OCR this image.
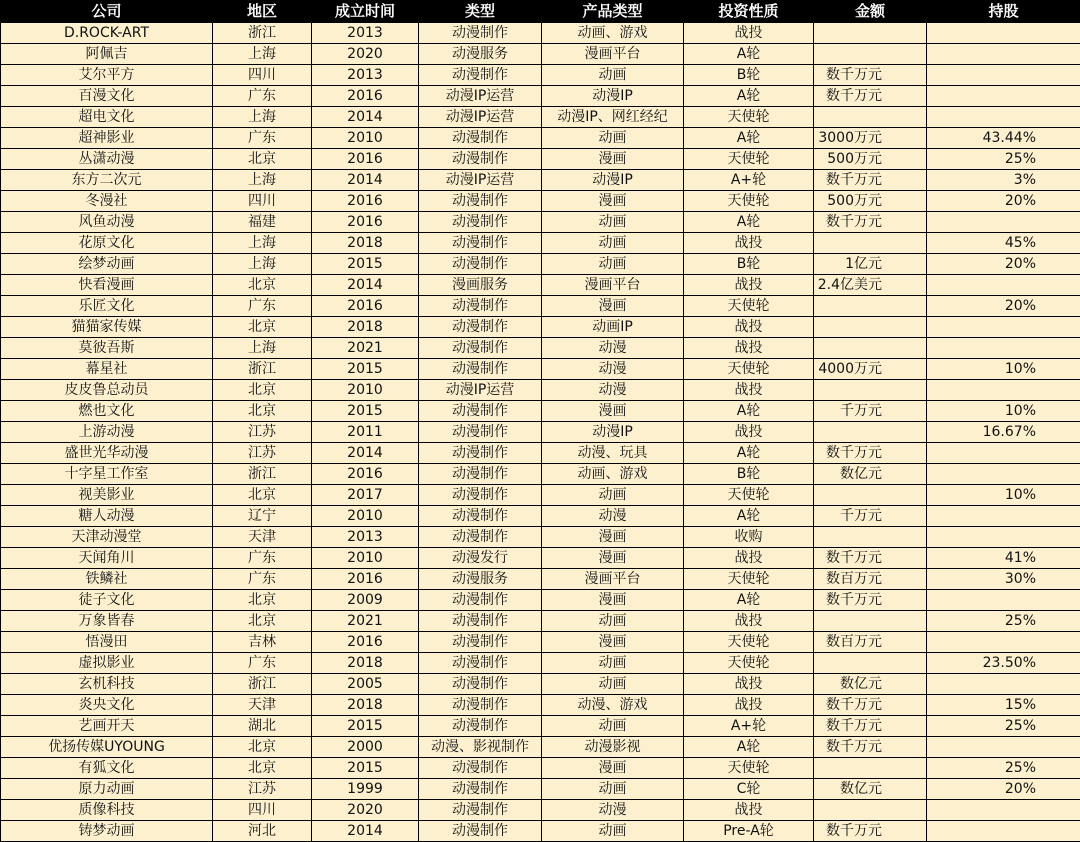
公司	地区	成立时间	类型	产品类型	投资性质	金额	持股
D.ROCK-ART	浙江	2013	动漫制作	动画、游戏	战投		
阿佩吉	上海	2020	动漫服务	漫画平台	A轮		
艾尔平方	四川	2013	动漫制作	动画	B轮	数千万元	
百漫文化	广东	2016	动漫IP运营	动漫IP	A轮	数千万元	
超电文化	上海	2014	动漫IP运营	动漫IP、网红经纪	天使轮		
超神影业	广东	2010	动漫制作	动画	A轮	3000万元	43.44%
丛潇动漫	北京	2016	动漫制作	漫画	天使轮	500万元	25%
东方二次元	上海	2014	动漫IP运营	动漫IP	A+轮	数千万元	3%
冬漫社	四川	2016	动漫制作	漫画	天使轮	500万元	20%
风鱼动漫	福建	2016	动漫制作	动画	A轮	数千万元	
花原文化	上海	2018	动漫制作	动画	战投		45%
绘梦动画	上海	2015	动漫制作	动画	B轮	1亿元	20%
快看漫画	北京	2014	漫画服务	漫画平台	战投	2.4亿美元	
乐匠文化	广东	2016	动漫制作	漫画	天使轮		20%
猫猫家传媒	北京	2018	动漫制作	动画IP	战投		
莫彼吾斯	上海	2021	动漫制作	动漫	战投		
幕星社	浙江	2015	动漫制作	动漫	天使轮	4000万元	10%
皮皮鲁总动员	北京	2010	动漫IP运营	动漫	战投		
燃也文化	北京	2015	动漫制作	漫画	A轮	千万元	10%
上游动漫	江苏	2011	动漫制作	动漫IP	战投		16.67%
盛世光华动漫	江苏	2014	动漫制作	动漫、玩具	A轮	数千万元	
十字星工作室	浙江	2016	动漫制作	动画、游戏	B轮	数亿元	
视美影业	北京	2017	动漫制作	动画	天使轮		10%
糖人动漫	辽宁	2010	动漫制作	动漫	A轮	千万元	
天津动漫堂	天津	2013	动漫制作	漫画	收购		
天闻角川	广东	2010	动漫发行	漫画	战投	数千万元	41%
铁鳞社	广东	2016	动漫服务	漫画平台	天使轮	数百万元	30%
徒子文化	北京	2009	动漫制作	漫画	A轮	数千万元	
万象皆春	北京	2021	动漫制作	动画	战投		25%
悟漫田	吉林	2016	动漫制作	漫画	天使轮	数百万元	
虚拟影业	广东	2018	动漫制作	动画	天使轮		23.50%
玄机科技	浙江	2005	动漫制作	动画	战投	数亿元	
炎央文化	天津	2018	动漫制作	动漫、游戏	战投	数千万元	15%
艺画开天	湖北	2015	动漫制作	动画	A+轮	数千万元	25%
优扬传媒UYOUNG	北京	2000	动漫、影视制作	动漫影视	A轮	数千万元	
有狐文化	北京	2015	动漫制作	漫画	天使轮		25%
原力动画	江苏	1999	动漫制作	动画	C轮	数亿元	20%
质像科技	四川	2020	动漫制作	动漫	战投		
铸梦动画	河北	2014	动漫制作	动画	Pre-A轮	数千万元	
